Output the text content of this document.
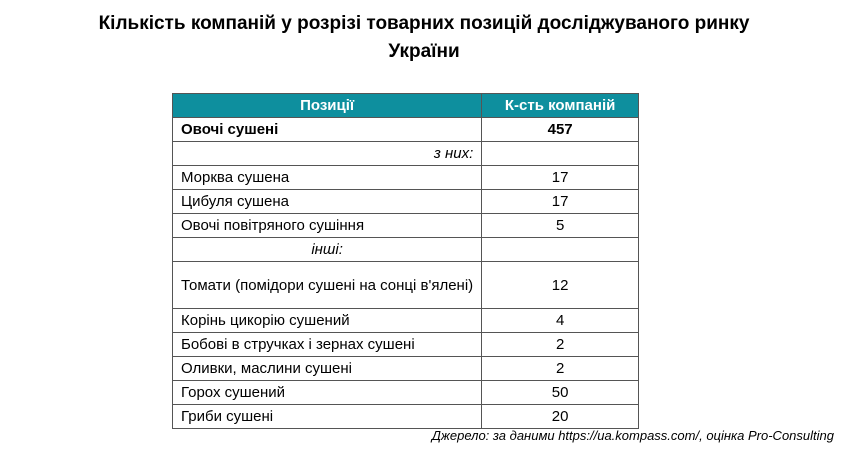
Кількість компаній у розрізі товарних позицій досліджуваного ринку
України
Позиції	К-сть компаній
Овочі сушені	457
з них:	
Морква сушена	17
Цибуля сушена	17
Овочі повітряного сушіння	5
інші:	
Томати (помідори сушені на сонці в'ялені)	12
Корінь цикорію сушений	4
Бобові в стручках і зернах сушені	2
Оливки, маслини сушені	2
Горох сушений	50
Гриби сушені	20
Джерело: за даними https://ua.kompass.com/, оцінка Pro-Consulting
